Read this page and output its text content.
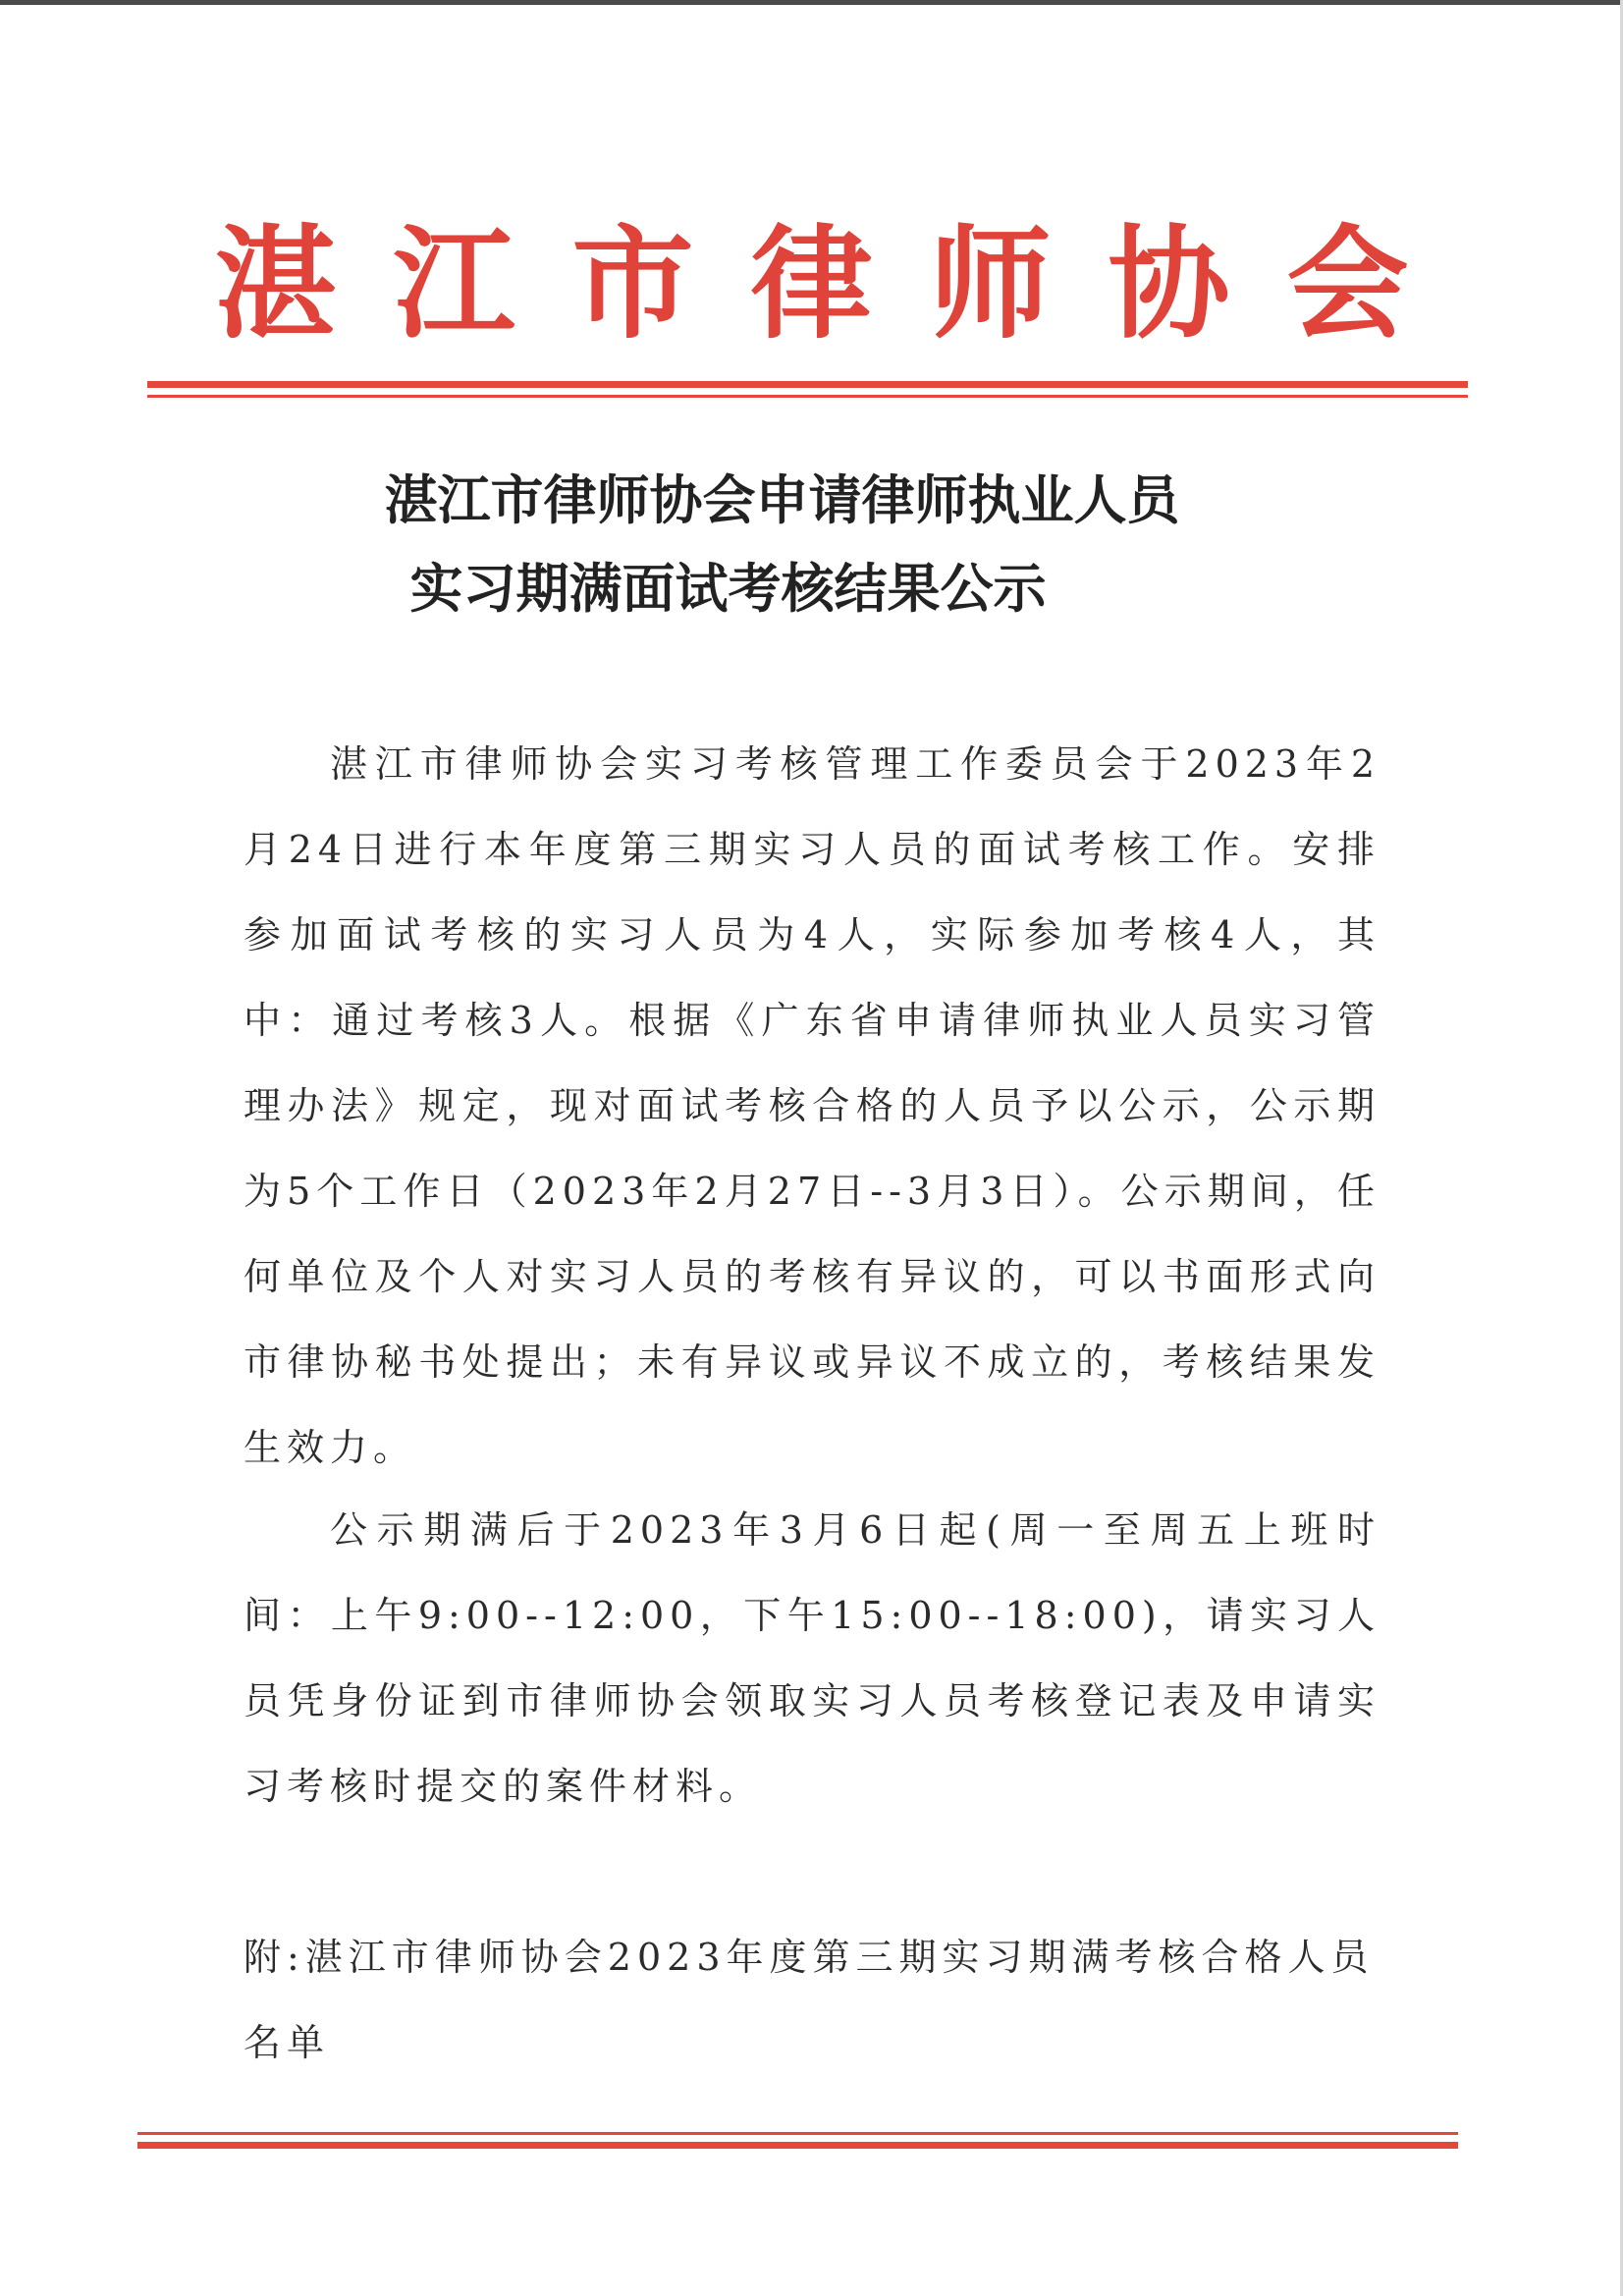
湛江市律师协会
湛江市律师协会申请律师执业人员
实习期满面试考核结果公示
湛江市律师协会实习考核管理工作委员会于2023年2月24日进行本年度第三期实习人员的面试考核工作。安排参加面试考核的实习人员为4人，实际参加考核4人，其中：通过考核3人。根据《广东省申请律师执业人员实习管理办法》规定，现对面试考核合格的人员予以公示，公示期为5个工作日（2023年2月27日--3月3日）。公示期间，任何单位及个人对实习人员的考核有异议的，可以书面形式向市律协秘书处提出；未有异议或异议不成立的，考核结果发生效力。
公示期满后于2023年3月6日起(周一至周五上班时间：上午9:00--12:00，下午15:00--18:00)，请实习人员凭身份证到市律师协会领取实习人员考核登记表及申请实习考核时提交的案件材料。
附:湛江市律师协会2023年度第三期实习期满考核合格人员名单
